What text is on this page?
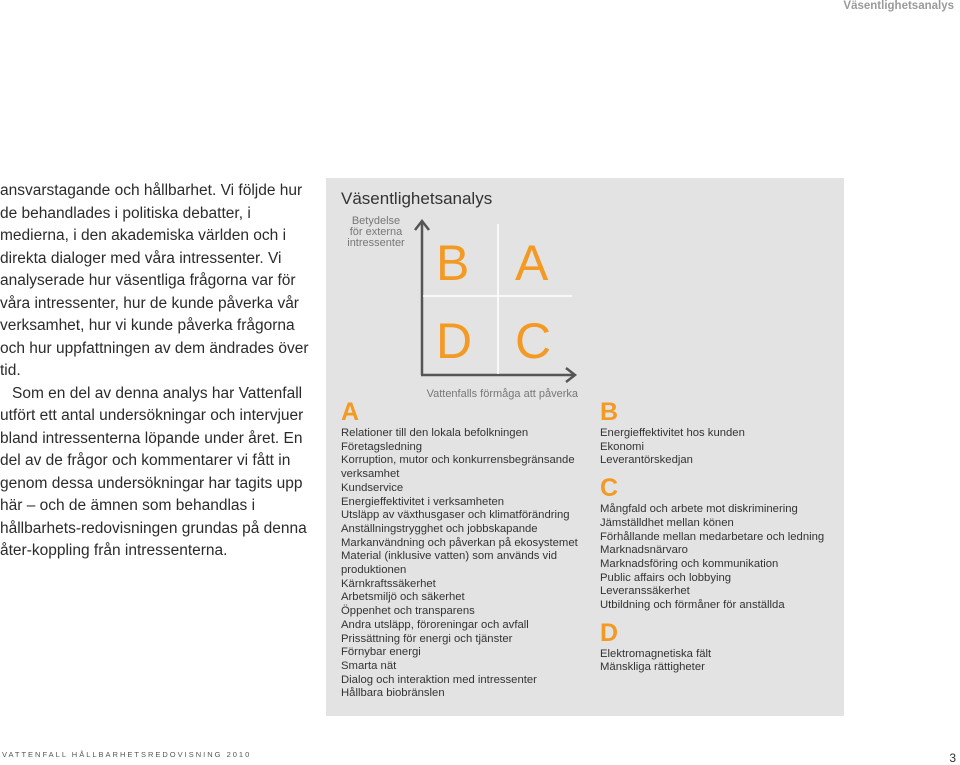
Väsentlighetsanalys

ansvarstagande och hållbarhet. Vi följde hur de behandlades i politiska debatter, i medierna, i den akademiska världen och i direkta dialoger med våra intressenter. Vi analyserade hur väsentliga frågorna var för våra intressenter, hur de kunde påverka vår verksamhet, hur vi kunde påverka frågorna och hur uppfattningen av dem ändrades över tid.

Som en del av denna analys har Vattenfall utfört ett antal undersökningar och intervjuer bland intressenterna löpande under året. En del av de frågor och kommentarer vi fått in genom dessa undersökningar har tagits upp här – och de ämnen som behandlas i hållbarhets-redovisningen grundas på denna åter-koppling från intressenterna.

Väsentlighetsanalys
Betydelse för externa intressenter B A
D C
Vattenfalls förmåga att påverka
A
Relationer till den lokala befolkningen
Företagsledning
Korruption, mutor och konkurrensbegränsande verksamhet
Kundservice
Energieffektivitet i verksamheten
Utsläpp av växthusgaser och klimatförändring
Anställningstrygghet och jobbskapande
Markanvändning och påverkan på ekosystemet
Material (inklusive vatten) som används vid produktionen
Kärnkraftssäkerhet
Arbetsmiljö och säkerhet
Öppenhet och transparens
Andra utsläpp, föroreningar och avfall
Prissättning för energi och tjänster
Förnybar energi
Smarta nät
Dialog och interaktion med intressenter
Hållbara biobränslen
B
Energieffektivitet hos kunden
Ekonomi
Leverantörskedjan
C
Mångfald och arbete mot diskriminering
Jämställdhet mellan könen
Förhållande mellan medarbetare och ledning
Marknadsnärvaro
Marknadsföring och kommunikation
Public affairs och lobbying
Leveranssäkerhet
Utbildning och förmåner för anställda
D
Elektromagnetiska fält
Mänskliga rättigheter
VATTENFALL HÅLLBARHETSREDOVISNING 2010	3
